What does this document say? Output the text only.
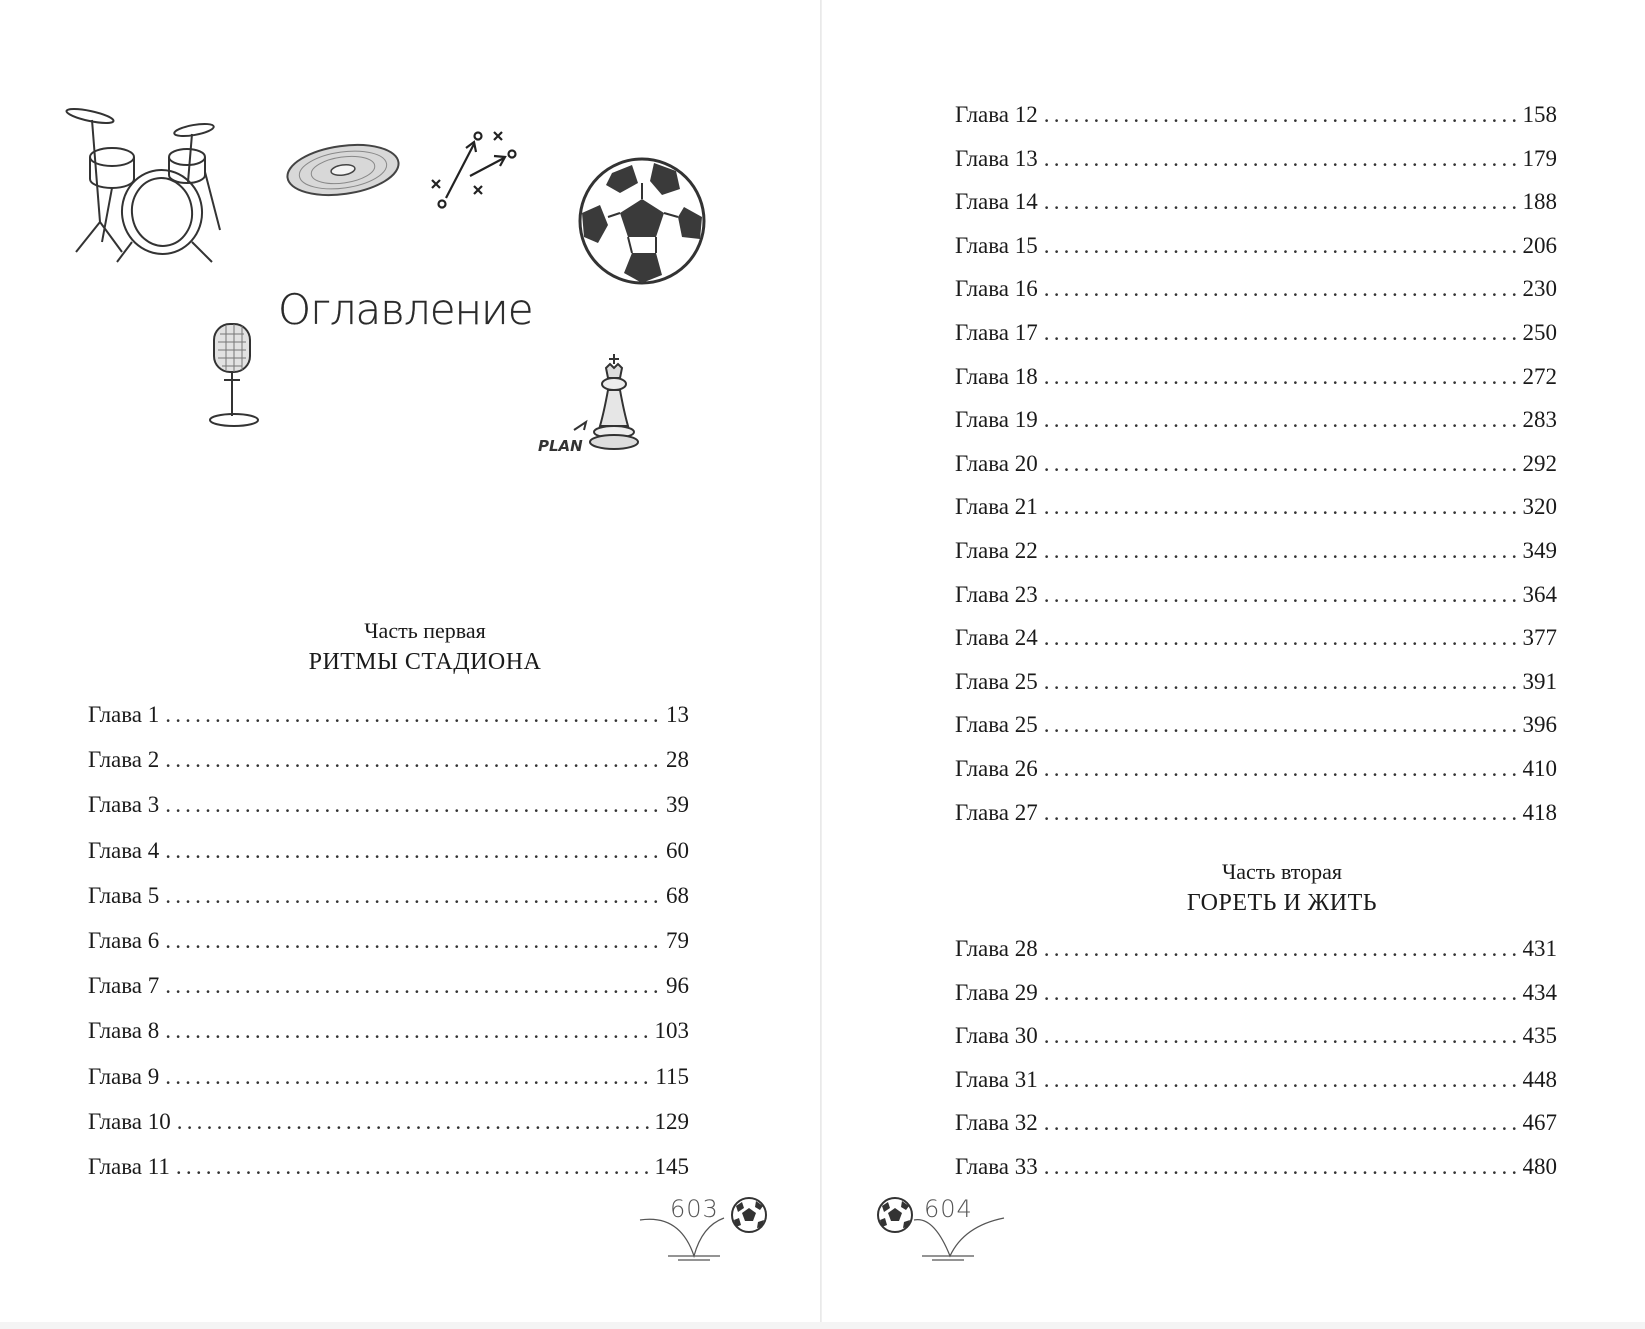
Оглавление
PLAN
Часть первая
РИТМЫ СТАДИОНА
Глава 1 .....	13
Глава 2 .....	28
Глава 3 .....	39
Глава 4 .....	60
Глава 5 .....	68
Глава 6 .....	79
Глава 7 .....	96
Глава 8 .....	103
Глава 9 .....	115
Глава 10 .....	129
Глава 11 .....	145
603
Глава 12 .....	158
Глава 13 .....	179
Глава 14 .....	188
Глава 15 .....	206
Глава 16 .....	230
Глава 17 .....	250
Глава 18 .....	272
Глава 19 .....	283
Глава 20 .....	292
Глава 21 .....	320
Глава 22 .....	349
Глава 23 .....	364
Глава 24 .....	377
Глава 25 .....	391
Глава 25 .....	396
Глава 26 .....	410
Глава 27 .....	418
Часть вторая
ГОРЕТЬ И ЖИТЬ
Глава 28 .....	431
Глава 29 .....	434
Глава 30 .....	435
Глава 31 .....	448
Глава 32 .....	467
Глава 33 .....	480
604
